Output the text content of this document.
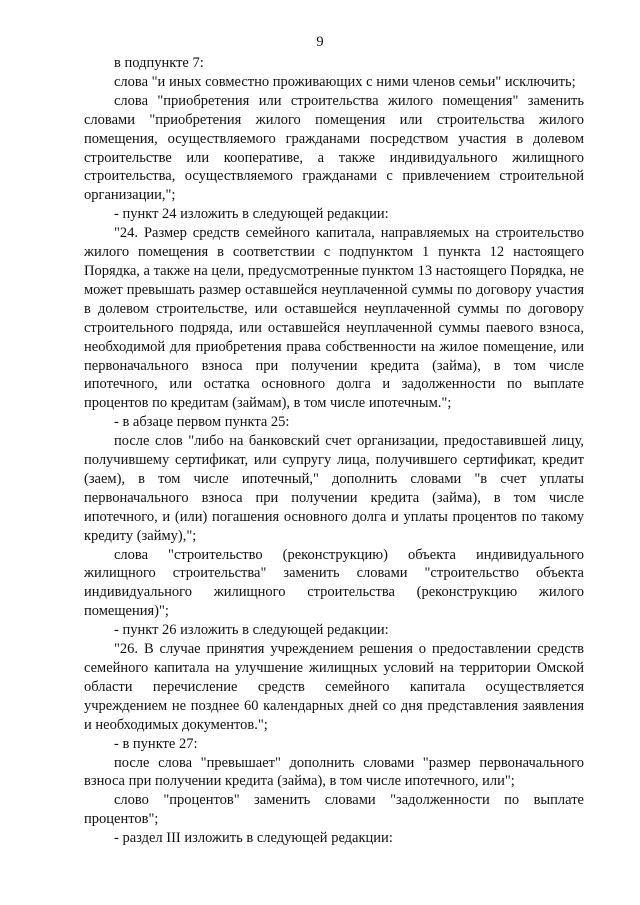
9

в подпункте 7:

слова "и иных совместно проживающих с ними членов семьи" исключить;

слова "приобретения или строительства жилого помещения" заменить словами "приобретения жилого помещения или строительства жилого помещения, осуществляемого гражданами посредством участия в долевом строительстве или кооперативе, а также индивидуального жилищного строительства, осуществляемого гражданами с привлечением строительной организации,";

- пункт 24 изложить в следующей редакции:

"24. Размер средств семейного капитала, направляемых на строительство жилого помещения в соответствии с подпунктом 1 пункта 12 настоящего Порядка, а также на цели, предусмотренные пунктом 13 настоящего Порядка, не может превышать размер оставшейся неуплаченной суммы по договору участия в долевом строительстве, или оставшейся неуплаченной суммы по договору строительного подряда, или оставшейся неуплаченной суммы паевого взноса, необходимой для приобретения права собственности на жилое помещение, или первоначального взноса при получении кредита (займа), в том числе ипотечного, или остатка основного долга и задолженности по выплате процентов по кредитам (займам), в том числе ипотечным.";

- в абзаце первом пункта 25:

после слов "либо на банковский счет организации, предоставившей лицу, получившему сертификат, или супругу лица, получившего сертификат, кредит (заем), в том числе ипотечный," дополнить словами "в счет уплаты первоначального взноса при получении кредита (займа), в том числе ипотечного, и (или) погашения основного долга и уплаты процентов по такому кредиту (займу),";

слова "строительство (реконструкцию) объекта индивидуального жилищного строительства" заменить словами "строительство объекта индивидуального жилищного строительства (реконструкцию жилого помещения)";

- пункт 26 изложить в следующей редакции:

"26. В случае принятия учреждением решения о предоставлении средств семейного капитала на улучшение жилищных условий на территории Омской области перечисление средств семейного капитала осуществляется учреждением не позднее 60 календарных дней со дня представления заявления и необходимых документов.";

- в пункте 27:

после слова "превышает" дополнить словами "размер первоначального взноса при получении кредита (займа), в том числе ипотечного, или";

слово "процентов" заменить словами "задолженности по выплате процентов";

- раздел III изложить в следующей редакции:
